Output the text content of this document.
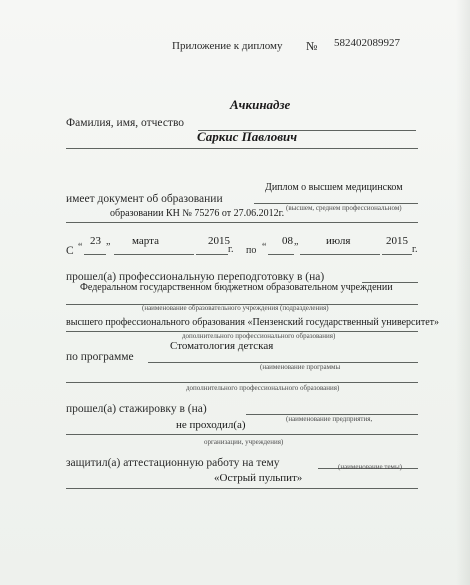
Приложение к дипломy № 582402089927
Ачкинадзе
Фамилия, имя, отчество
Саркис Павлович
Диплом о высшем медицинском
имеет документ об образовании
(высшем, среднем профессиональном)
образовании КН № 75276 от 27.06.2012г.
23	марта	2015	08	июля	2015
С “ ”	г. по “	”	г.
прошел(а) профессиональную переподготовку в (на)
Федеральном государственном бюджетном образовательном учреждении
(наименование образовательного учреждения (подразделения)
высшего профессионального образования «Пензенский государственный университет»
дополнительного профессионального образования)
Стоматология детская
по программе
(наименование программы
дополнительного профессионального образования)
прошел(а) стажировку в (на)
(наименование предприятия,
не проходил(а)
организации, учреждения)
защитил(а) аттестационную работу на тему	(наименование темы)
«Острый пульпит»
